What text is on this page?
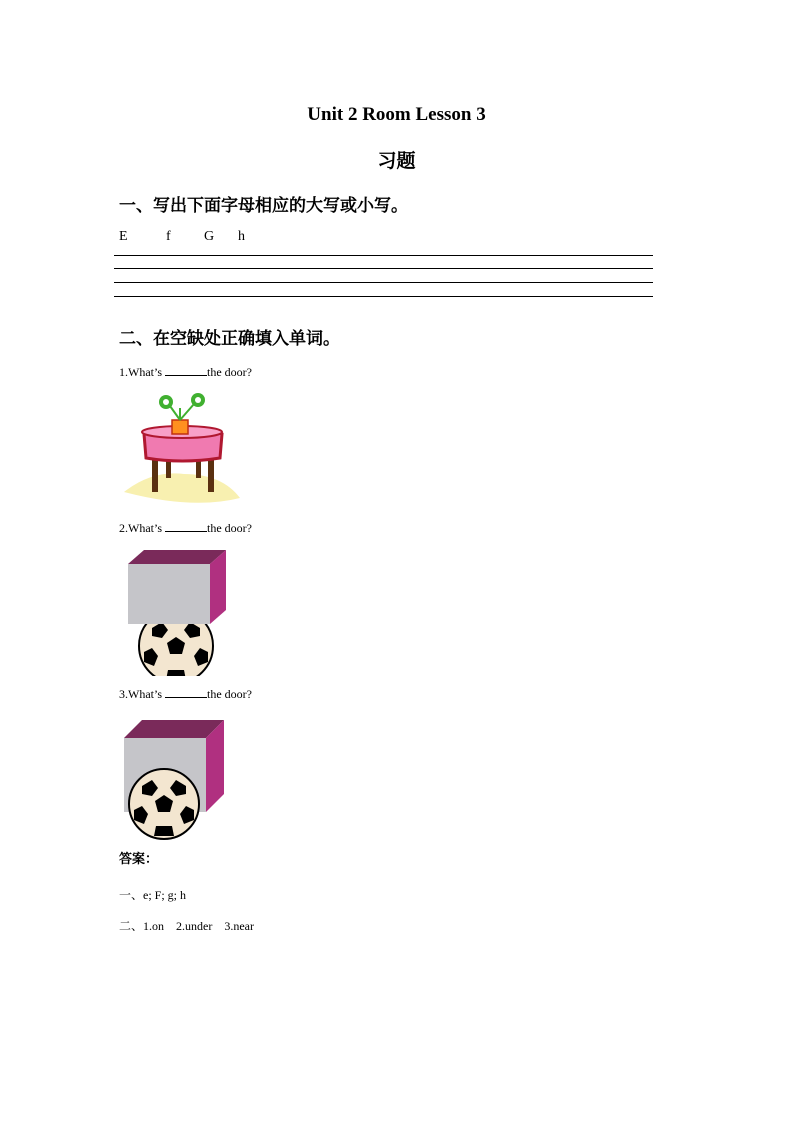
Unit 2 Room Lesson 3
习题
一、写出下面字母相应的大写或小写。
E	f G h
二、在空缺处正确填入单词。
1.What’s	the door?
2.What’s	the door?
3.What’s	the door?
答案：
一、e; F; g; h
二、1.on    2.under    3.near
